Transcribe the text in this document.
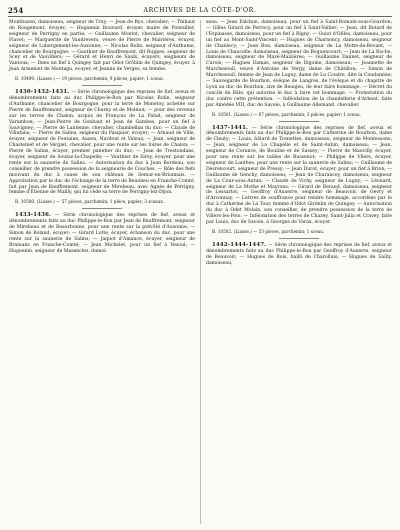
254	ARCHIVES DE LA CÔTE-D'OR.

Montbazon, damoiseau, seigneur de Truy; — Jean de Ryo, chevalier; — Thibaut de Rougemont, écuyer; — Huguenin Bouvard, écuyer, maire de Pontailler, seigneur de Perrigny en partie; — Guillaume Montot, chevalier, seigneur de Flavet; — Marguerite de Vaudrevers, veuve de Pierre de Mairières, écuyer, seigneur de Labergement-les-Auxonne; — Nicolas Rolin, seigneur d'Authume, chancelier de Bourgogne; — Gauthier de Bauffremont, dit Ruppes, seigneur de Scey et de Vauvillers; — Gérard et Henri de Saulx, écuyers, seigneurs de Vantoux; — Dans un fief à Quingey fait par Odot Grôblin de Quingey, écuyer, à Jean Armenier de Montagu, écuyer, et Jeanne de Verges, sa femme.

B. 10499. (Liasse.) — 19 pièces, parchemin; 9 pièces, papier; 1 sceau.

1430-1432-1431. — Série chronologique des reprises de fief, aveux et dénombrements faits au duc Philippe-le-Bon par Nicolas Rolin, seigneur d'Authume, chancelier de Bourgogne, pour la terre de Monetoy, achetée sur Pierre de Bauffremont, seigneur de Charny et de Molinot; — pour des revenus sur les terres de Chalon, acquis de François de La Palud, seigneur de Varambon; — Jean-Pierre de Gonbaut et Jean de Gambes, pour un fief à Sauvigney; — Pierre de Lantenne, chevalier, chambellan du duc; — Claude de Villafans; — Pierre de Salins, seigneur du Pasquier, écuyer; — Arnaud de Ville, écuyer, seigneur de Fontaine, Auxon, Nardout et Valeux; — Jean, seigneur de Chastelnet et de Vergiet, chevalier, pour une rente sur les foires de Chalon; — Pierre de Salins, écuyer, premier panetier du duc; — Jean de Trestondans, écuyer, seigneur de Soutaz-la-Chapelle; — Vauthier de Sirey, écuyer, pour une rente sur la saunerie de Salins. — Autorisation du duc à Jean Bordeau, son conseiller, de prendre possession de la seigneurie de Couches. — Rôle des fiefs mouvant du duc à cause de son château de Semur-en-Brionnais. — Approbation par le duc de l'échange de la terre de Beaulieu en Franche-Comté, fait par Jean de Bauffremont, seigneur de Mirebeau, avec Agnès de Perrigny, femme d'Étienne de Mailly, qui lui cède sa terre de Perrigny-lez-Dijon.

B. 10500. (Liasse.) — 57 pièces, parchemin; 1 pièce, papier; 3 sceaux.

1433-1436. — Série chronologique des reprises de fief, aveux et dénombrements faits au duc Philippe-le-Bon par Jean de Bauffremont, seigneur de Mirebeau et de Beaurbonne, pour une rente sur la prévôté d'Auxonne; — Simon de Boland, écuyer; — Girard Lotte, écuyer, échanson du duc, pour une rente sur la saunerie de Salins; — Jaquot d'Amance, écuyer, seigneur de Brainans en Franche-Comté; — Jean Michelet, pour un fief à Vesoul; — Huguenin, seigneur de Masencles, damoi-

seau. — Jean Falchon, damoiseau, pour un fief à Saint-Romain-sous-Gourdon; — Gilles Girard de Perrocy, pour un fief à Saint-Vallier; — Jean, dit Botard de l'Espinasse, damoiseau, pour un fief à Rigny; — Guiot d'Oilles, damoiseau, pour un fief au Mont-Saint-Vincent; — Hugues de Charnoncy, damoiseau, seigneur de Chanlecy; — Jean Bon, damoiseau, seigneur de La Motte-de-Bevant; — Louis de Chaucelle, damoiseau, seigneur de Boquencourt; — Jean de La Roche, damoiseau, seigneur de Mazé-Maizières; — Guillaume Dannet, seigneur de Curois; — Hugues Damas, seigneur de Digoine, damoiseau; — Jeannette de Marcheseuil, veuve d'Antoine de Vergy, dame de Châtillon; — Simon de Marcheseuil, femme de Jean de Lugny, dame de La Coudre, dite la Condamine; — Sauvegarde de Bourbon, évêque de Langres, de l'évêque et du chapitre de Lyon au duc de Bourbon, sire de Beaujeu, de leur faire hommage. — Décret du concile de Bâle, qui autorise le duc à faire cet hommage. — Protestation du duc contre cette prétention. — Inféodation de la chandellerie d'Arbent, faite par Amédée VIII, duc de Savoie, à Guillaume Allemand, chevalier.

B. 10501. (Liasse.) — 67 pièces, parchemin; 3 pièces, papier; 1 sceau.

1437-1441. — Série chronologique des reprises de fief, aveux et dénombrements faits au duc Philippe-le-Bon par Catherine de Bourbon, dame de Cleuty; — Louis, bâtard de Trenettes, damoiseau, seigneur de Montessons; — Jean, seigneur de La Chapelle et de Saint-Aubin, damoiseau; — Jean, seigneur de Corance, de Bouline et de Sassey; — Pierre de Mauvilly, écuyer, pour une rente sur les tailles de Bussenot; — Philippe de Vilers, écuyer, seigneur de Lanthes, pour une rente sur la saunerie de Salins; — Guillaume de Desrencourt, seigneur de Pressy; — Jean Durot, écuyer, pour un fief à Brion; — Guillaume de Genchy, damoiseau; — Jean de Charancey, damoiseau, seigneur de La Cour-sous-Autun; — Claude de Vichy, seigneur de Lugny; — Léonard, seigneur de La Mothe et Mayrons; — Girard de Beraud, damoiseau, seigneur de Lessartot; — Geoffroy d'Auxerre, seigneur de Beauvoir, de Gevry et d'Arconnay. — Lettres de souffrance pour rendre hommage, accordées par le duc à Catherine de La Tour, femme d'Odot Girdelin de Quingey. — Autorisation du duc à Odet Molain, son conseiller, de prendre possession de la terre de Villers-les-Pots. — Inféodation des terres de Chazey, Saint-Julia et Cravey, faite par Louis, duc de Savoie, à Georges de Varax, écuyer.

B. 10502. (Liasse.) — 53 pièces, parchemin; 1 sceau.

1442-1444-1447. — Série chronologique des reprises de fief, aveux et dénombrements faits au duc Philippe-le-Bon par Geoffroy d'Auxerre, seigneur de Beauvoir; — Hugues de Bois, bailli de Charollais; — Hugues de Sailly, damoiseau,
